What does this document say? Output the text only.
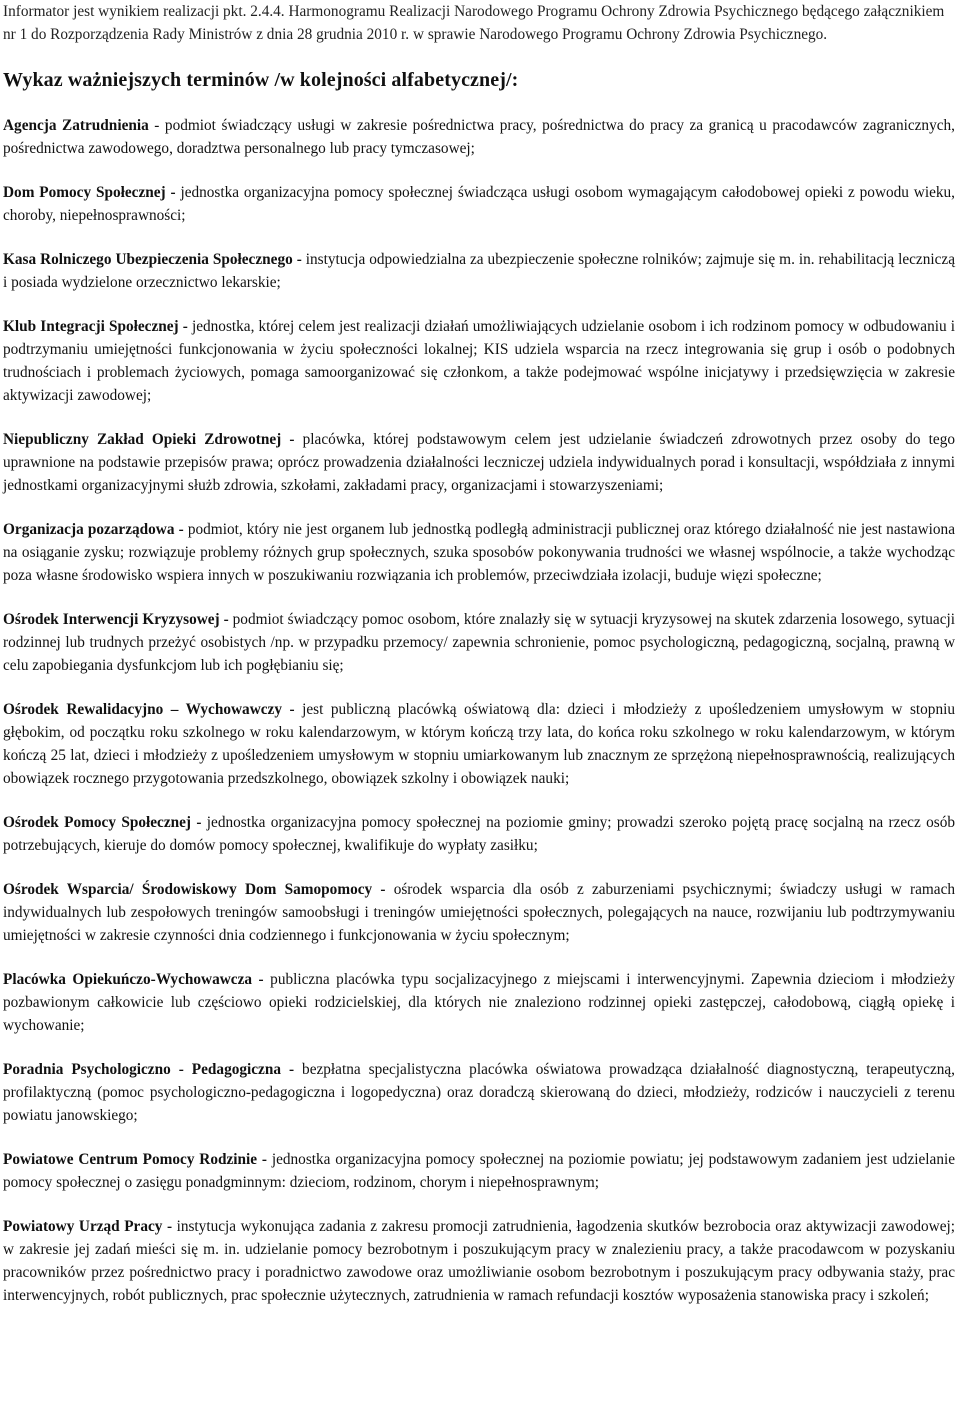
Informator jest wynikiem realizacji pkt. 2.4.4. Harmonogramu Realizacji Narodowego Programu Ochrony Zdrowia Psychicznego będącego załącznikiem nr 1 do Rozporządzenia Rady Ministrów z dnia 28 grudnia 2010 r. w sprawie Narodowego Programu Ochrony Zdrowia Psychicznego.

Wykaz ważniejszych terminów /w kolejności alfabetycznej/:

Agencja Zatrudnienia - podmiot świadczący usługi w zakresie pośrednictwa pracy, pośrednictwa do pracy za granicą u pracodawców zagranicznych, pośrednictwa zawodowego, doradztwa personalnego lub pracy tymczasowej;

Dom Pomocy Społecznej - jednostka organizacyjna pomocy społecznej świadcząca usługi osobom wymagającym całodobowej opieki z powodu wieku, choroby, niepełnosprawności;

Kasa Rolniczego Ubezpieczenia Społecznego - instytucja odpowiedzialna za ubezpieczenie społeczne rolników; zajmuje się m. in. rehabilitacją leczniczą i posiada wydzielone orzecznictwo lekarskie;

Klub Integracji Społecznej - jednostka, której celem jest realizacji działań umożliwiających udzielanie osobom i ich rodzinom pomocy w odbudowaniu i podtrzymaniu umiejętności funkcjonowania w życiu społeczności lokalnej; KIS udziela wsparcia na rzecz integrowania się grup i osób o podobnych trudnościach i problemach życiowych, pomaga samoorganizować się członkom, a także podejmować wspólne inicjatywy i przedsięwzięcia w zakresie aktywizacji zawodowej;

Niepubliczny Zakład Opieki Zdrowotnej - placówka, której podstawowym celem jest udzielanie świadczeń zdrowotnych przez osoby do tego uprawnione na podstawie przepisów prawa; oprócz prowadzenia działalności leczniczej udziela indywidualnych porad i konsultacji, współdziała z innymi jednostkami organizacyjnymi służb zdrowia, szkołami, zakładami pracy, organizacjami i stowarzyszeniami;

Organizacja pozarządowa - podmiot, który nie jest organem lub jednostką podległą administracji publicznej oraz którego działalność nie jest nastawiona na osiąganie zysku; rozwiązuje problemy różnych grup społecznych, szuka sposobów pokonywania trudności we własnej wspólnocie, a także wychodząc poza własne środowisko wspiera innych w poszukiwaniu rozwiązania ich problemów, przeciwdziała izolacji, buduje więzi społeczne;

Ośrodek Interwencji Kryzysowej - podmiot świadczący pomoc osobom, które znalazły się w sytuacji kryzysowej na skutek zdarzenia losowego, sytuacji rodzinnej lub trudnych przeżyć osobistych /np. w przypadku przemocy/ zapewnia schronienie, pomoc psychologiczną, pedagogiczną, socjalną, prawną w celu zapobiegania dysfunkcjom lub ich pogłębianiu się;

Ośrodek Rewalidacyjno – Wychowawczy - jest publiczną placówką oświatową dla: dzieci i młodzieży z upośledzeniem umysłowym w stopniu głębokim, od początku roku szkolnego w roku kalendarzowym, w którym kończą trzy lata, do końca roku szkolnego w roku kalendarzowym, w którym kończą 25 lat, dzieci i młodzieży z upośledzeniem umysłowym w stopniu umiarkowanym lub znacznym ze sprzężoną niepełnosprawnością, realizujących obowiązek rocznego przygotowania przedszkolnego, obowiązek szkolny i obowiązek nauki;

Ośrodek Pomocy Społecznej - jednostka organizacyjna pomocy społecznej na poziomie gminy; prowadzi szeroko pojętą pracę socjalną na rzecz osób potrzebujących, kieruje do domów pomocy społecznej, kwalifikuje do wypłaty zasiłku;

Ośrodek Wsparcia/ Środowiskowy Dom Samopomocy - ośrodek wsparcia dla osób z zaburzeniami psychicznymi; świadczy usługi w ramach indywidualnych lub zespołowych treningów samoobsługi i treningów umiejętności społecznych, polegających na nauce, rozwijaniu lub podtrzymywaniu umiejętności w zakresie czynności dnia codziennego i funkcjonowania w życiu społecznym;

Placówka Opiekuńczo-Wychowawcza - publiczna placówka typu socjalizacyjnego z miejscami i interwencyjnymi. Zapewnia dzieciom i młodzieży pozbawionym całkowicie lub częściowo opieki rodzicielskiej, dla których nie znaleziono rodzinnej opieki zastępczej, całodobową, ciągłą opiekę i wychowanie;

Poradnia Psychologiczno - Pedagogiczna - bezpłatna specjalistyczna placówka oświatowa prowadząca działalność diagnostyczną, terapeutyczną, profilaktyczną (pomoc psychologiczno-pedagogiczna i logopedyczna) oraz doradczą skierowaną do dzieci, młodzieży, rodziców i nauczycieli z terenu powiatu janowskiego;

Powiatowe Centrum Pomocy Rodzinie - jednostka organizacyjna pomocy społecznej na poziomie powiatu; jej podstawowym zadaniem jest udzielanie pomocy społecznej o zasięgu ponadgminnym: dzieciom, rodzinom, chorym i niepełnosprawnym;

Powiatowy Urząd Pracy - instytucja wykonująca zadania z zakresu promocji zatrudnienia, łagodzenia skutków bezrobocia oraz aktywizacji zawodowej; w zakresie jej zadań mieści się m. in. udzielanie pomocy bezrobotnym i poszukującym pracy w znalezieniu pracy, a także pracodawcom w pozyskaniu pracowników przez pośrednictwo pracy i poradnictwo zawodowe oraz umożliwianie osobom bezrobotnym i poszukującym pracy odbywania staży, prac interwencyjnych, robót publicznych, prac społecznie użytecznych, zatrudnienia w ramach refundacji kosztów wyposażenia stanowiska pracy i szkoleń;
